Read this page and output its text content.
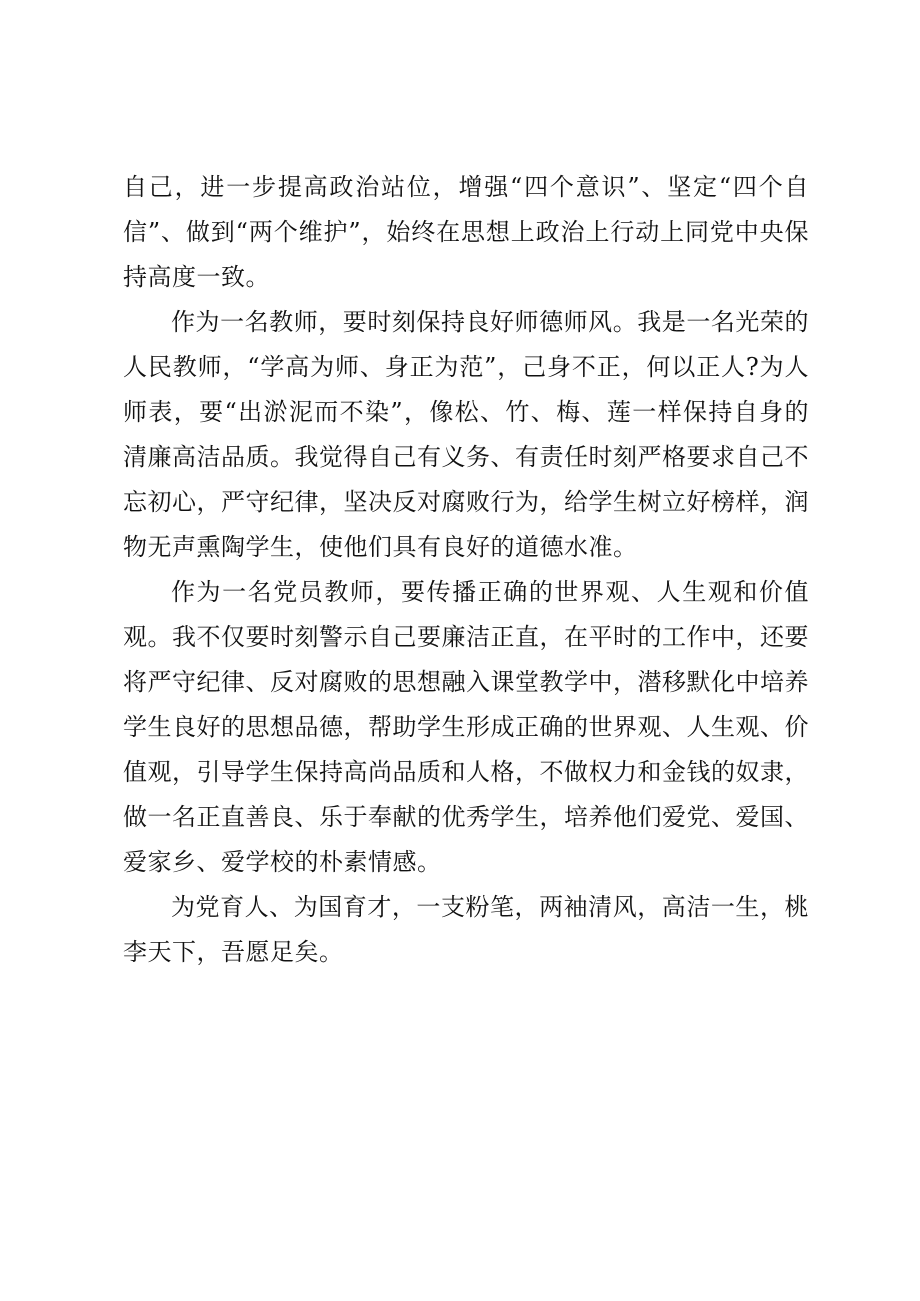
自己，进一步提高政治站位，增强“四个意识”、坚定“四个自信”、做到“两个维护”，始终在思想上政治上行动上同党中央保持高度一致。

作为一名教师，要时刻保持良好师德师风。我是一名光荣的人民教师，“学高为师、身正为范”，己身不正，何以正人?为人师表，要“出淤泥而不染”，像松、竹、梅、莲一样保持自身的清廉高洁品质。我觉得自己有义务、有责任时刻严格要求自己不忘初心，严守纪律，坚决反对腐败行为，给学生树立好榜样，润物无声熏陶学生，使他们具有良好的道德水准。

作为一名党员教师，要传播正确的世界观、人生观和价值观。我不仅要时刻警示自己要廉洁正直，在平时的工作中，还要将严守纪律、反对腐败的思想融入课堂教学中，潜移默化中培养学生良好的思想品德，帮助学生形成正确的世界观、人生观、价值观，引导学生保持高尚品质和人格，不做权力和金钱的奴隶，做一名正直善良、乐于奉献的优秀学生，培养他们爱党、爱国、爱家乡、爱学校的朴素情感。

为党育人、为国育才，一支粉笔，两袖清风，高洁一生，桃李天下，吾愿足矣。
